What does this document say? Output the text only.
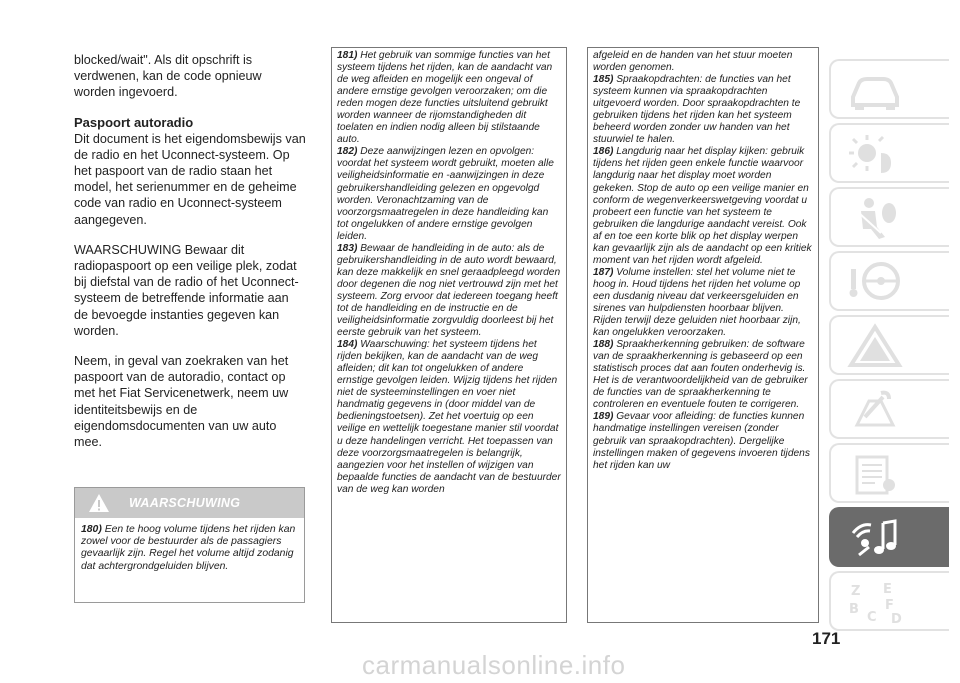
blocked/wait". Als dit opschrift is verdwenen, kan de code opnieuw worden ingevoerd.

Paspoort autoradio

Dit document is het eigendomsbewijs van de radio en het Uconnect-systeem. Op het paspoort van de radio staan het model, het serienummer en de geheime code van radio en Uconnect-systeem aangegeven.

WAARSCHUWING Bewaar dit radiopaspoort op een veilige plek, zodat bij diefstal van de radio of het Uconnect-systeem de betreffende informatie aan de bevoegde instanties gegeven kan worden.

Neem, in geval van zoekraken van het paspoort van de autoradio, contact op met het Fiat Servicenetwerk, neem uw identiteitsbewijs en de eigendomsdocumenten van uw auto mee.

WAARSCHUWING
180) Een te hoog volume tijdens het rijden kan zowel voor de bestuurder als de passagiers gevaarlijk zijn. Regel het volume altijd zodanig dat achtergrondgeluiden blijven.

181) Het gebruik van sommige functies van het systeem tijdens het rijden, kan de aandacht van de weg afleiden en mogelijk een ongeval of andere ernstige gevolgen veroorzaken; om die reden mogen deze functies uitsluitend gebruikt worden wanneer de rijomstandigheden dit toelaten en indien nodig alleen bij stilstaande auto.

182) Deze aanwijzingen lezen en opvolgen: voordat het systeem wordt gebruikt, moeten alle veiligheidsinformatie en -aanwijzingen in deze gebruikershandleiding gelezen en opgevolgd worden. Veronachtzaming van de voorzorgsmaatregelen in deze handleiding kan tot ongelukken of andere ernstige gevolgen leiden.

183) Bewaar de handleiding in de auto: als de gebruikershandleiding in de auto wordt bewaard, kan deze makkelijk en snel geraadpleegd worden door degenen die nog niet vertrouwd zijn met het systeem. Zorg ervoor dat iedereen toegang heeft tot de handleiding en de instructie en de veiligheidsinformatie zorgvuldig doorleest bij het eerste gebruik van het systeem.

184) Waarschuwing: het systeem tijdens het rijden bekijken, kan de aandacht van de weg afleiden; dit kan tot ongelukken of andere ernstige gevolgen leiden. Wijzig tijdens het rijden niet de systeeminstellingen en voer niet handmatig gegevens in (door middel van de bedieningstoetsen). Zet het voertuig op een veilige en wettelijk toegestane manier stil voordat u deze handelingen verricht. Het toepassen van deze voorzorgsmaatregelen is belangrijk, aangezien voor het instellen of wijzigen van bepaalde functies de aandacht van de bestuurder van de weg kan worden

afgeleid en de handen van het stuur moeten worden genomen.

185) Spraakopdrachten: de functies van het systeem kunnen via spraakopdrachten uitgevoerd worden. Door spraakopdrachten te gebruiken tijdens het rijden kan het systeem beheerd worden zonder uw handen van het stuurwiel te halen.

186) Langdurig naar het display kijken: gebruik tijdens het rijden geen enkele functie waarvoor langdurig naar het display moet worden gekeken. Stop de auto op een veilige manier en conform de wegenverkeerswetgeving voordat u probeert een functie van het systeem te gebruiken die langdurige aandacht vereist. Ook af en toe een korte blik op het display werpen kan gevaarlijk zijn als de aandacht op een kritiek moment van het rijden wordt afgeleid.

187) Volume instellen: stel het volume niet te hoog in. Houd tijdens het rijden het volume op een dusdanig niveau dat verkeersgeluiden en sirenes van hulpdiensten hoorbaar blijven. Rijden terwijl deze geluiden niet hoorbaar zijn, kan ongelukken veroorzaken.

188) Spraakherkenning gebruiken: de software van de spraakherkenning is gebaseerd op een statistisch proces dat aan fouten onderhevig is. Het is de verantwoordelijkheid van de gebruiker de functies van de spraakherkenning te controleren en eventuele fouten te corrigeren.

189) Gevaar voor afleiding: de functies kunnen handmatige instellingen vereisen (zonder gebruik van spraakopdrachten). Dergelijke instellingen maken of gegevens invoeren tijdens het rijden kan uw

Z E
B F
C D
171
carmanualsonline.info
